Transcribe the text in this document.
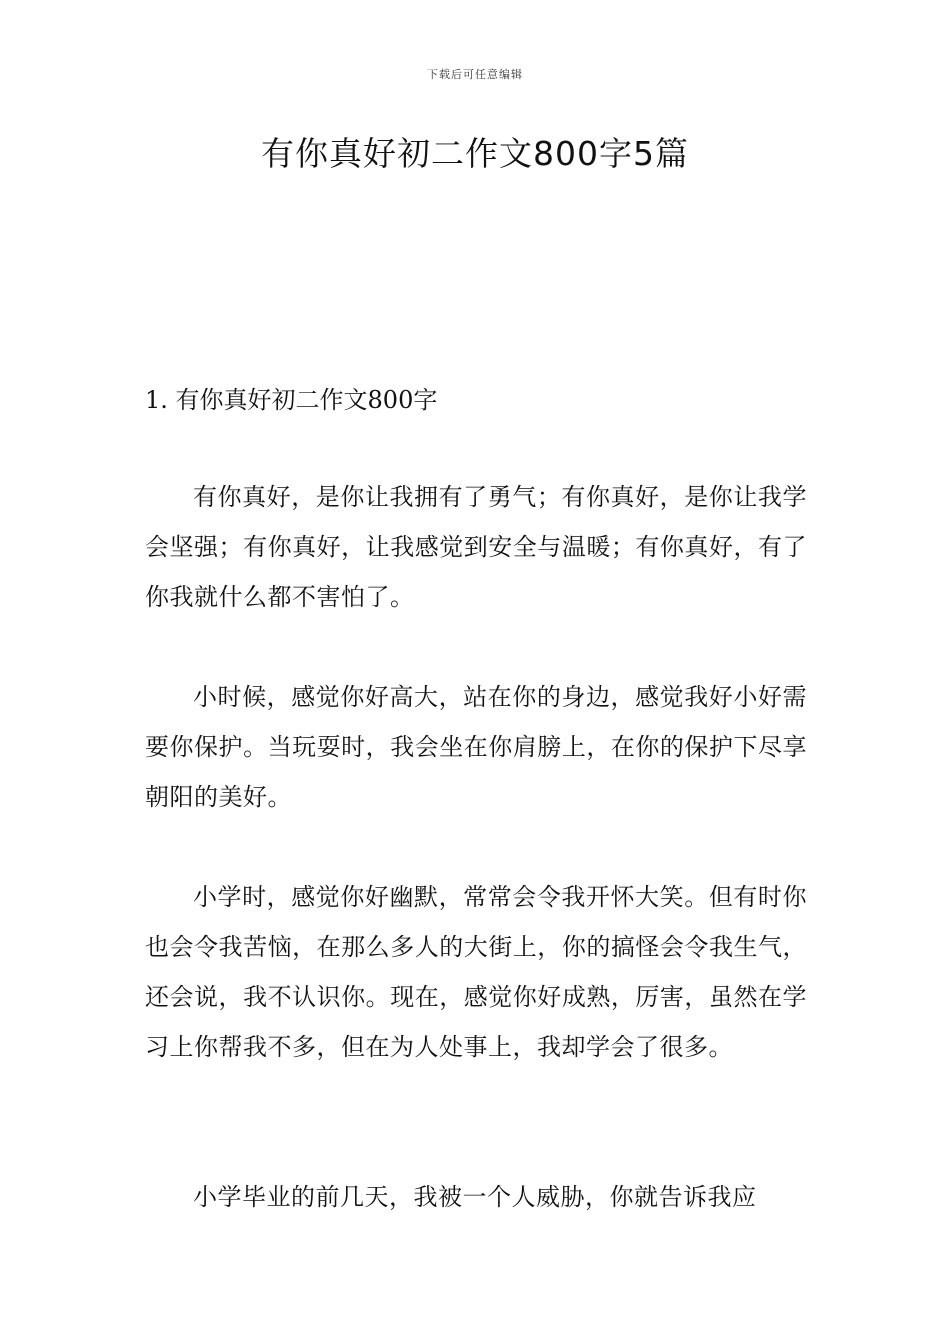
下载后可任意编辑
有你真好初二作文800字5篇
1. 有你真好初二作文800字

有你真好，是你让我拥有了勇气；有你真好，是你让我学会坚强；有你真好，让我感觉到安全与温暖；有你真好，有了你我就什么都不害怕了。

小时候，感觉你好高大，站在你的身边，感觉我好小好需要你保护。当玩耍时，我会坐在你肩膀上，在你的保护下尽享朝阳的美好。

小学时，感觉你好幽默，常常会令我开怀大笑。但有时你也会令我苦恼，在那么多人的大街上，你的搞怪会令我生气，还会说，我不认识你。现在，感觉你好成熟，厉害，虽然在学习上你帮我不多，但在为人处事上，我却学会了很多。

小学毕业的前几天，我被一个人威胁，你就告诉我应
